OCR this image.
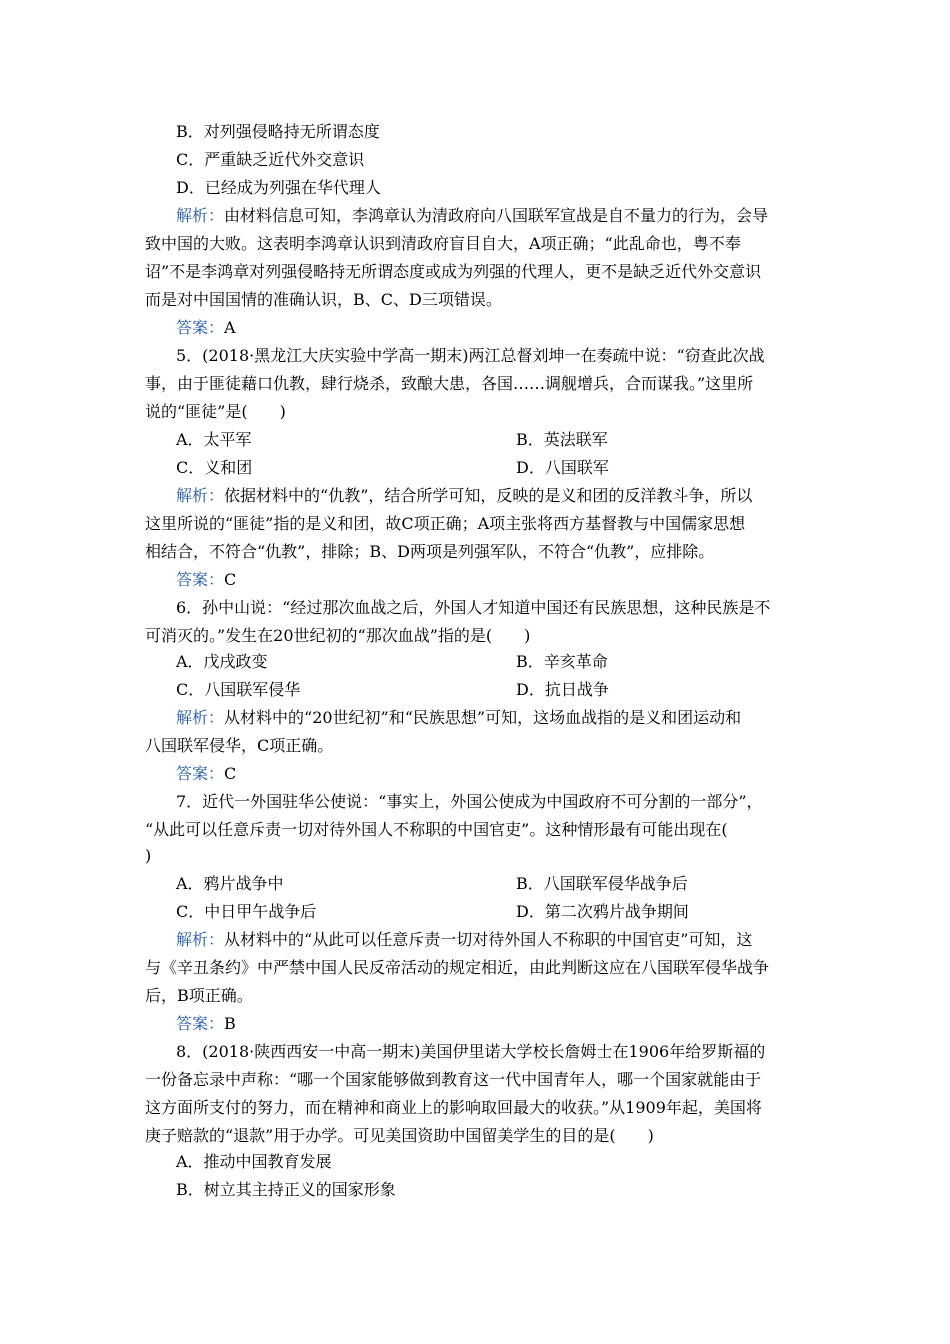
B．对列强侵略持无所谓态度
C．严重缺乏近代外交意识
D．已经成为列强在华代理人
解析：由材料信息可知，李鸿章认为清政府向八国联军宣战是自不量力的行为，会导
致中国的大败。这表明李鸿章认识到清政府盲目自大，A项正确；“此乱命也，粤不奉
诏”不是李鸿章对列强侵略持无所谓态度或成为列强的代理人，更不是缺乏近代外交意识
而是对中国国情的准确认识，B、C、D三项错误。
答案：A
5．(2018·黑龙江大庆实验中学高一期末)两江总督刘坤一在奏疏中说：“窃查此次战
事，由于匪徒藉口仇教，肆行烧杀，致酿大患，各国……调舰增兵，合而谋我。”这里所
说的“匪徒”是(　　)
A．太平军	B．英法联军
C．义和团	D．八国联军
解析：依据材料中的“仇教”，结合所学可知，反映的是义和团的反洋教斗争，所以
这里所说的“匪徒”指的是义和团，故C项正确；A项主张将西方基督教与中国儒家思想
相结合，不符合“仇教”，排除；B、D两项是列强军队，不符合“仇教”，应排除。
答案：C
6．孙中山说：“经过那次血战之后，外国人才知道中国还有民族思想，这种民族是不
可消灭的。”发生在20世纪初的“那次血战”指的是(　　)
A．戊戌政变	B．辛亥革命
C．八国联军侵华	D．抗日战争
解析：从材料中的“20世纪初”和“民族思想”可知，这场血战指的是义和团运动和
八国联军侵华，C项正确。
答案：C
7．近代一外国驻华公使说：“事实上，外国公使成为中国政府不可分割的一部分”，
“从此可以任意斥责一切对待外国人不称职的中国官吏”。这种情形最有可能出现在(
)
A．鸦片战争中	B．八国联军侵华战争后
C．中日甲午战争后	D．第二次鸦片战争期间
解析：从材料中的“从此可以任意斥责一切对待外国人不称职的中国官吏”可知，这
与《辛丑条约》中严禁中国人民反帝活动的规定相近，由此判断这应在八国联军侵华战争
后，B项正确。
答案：B
8．(2018·陕西西安一中高一期末)美国伊里诺大学校长詹姆士在1906年给罗斯福的
一份备忘录中声称：“哪一个国家能够做到教育这一代中国青年人，哪一个国家就能由于
这方面所支付的努力，而在精神和商业上的影响取回最大的收获。”从1909年起，美国将
庚子赔款的“退款”用于办学。可见美国资助中国留美学生的目的是(　　)
A．推动中国教育发展
B．树立其主持正义的国家形象
